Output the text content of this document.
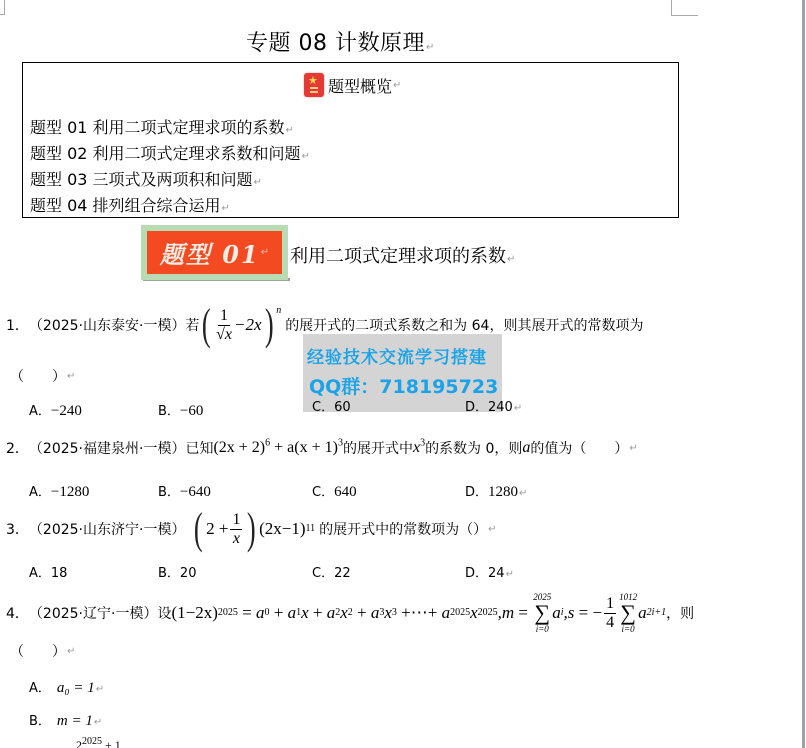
专题 08 计数原理↵
★ 题型概览 ↵
题型 01 利用二项式定理求项的系数↵
题型 02 利用二项式定理求系数和问题↵
题型 03 三项式及两项积和问题↵
题型 04 排列组合综合运用↵
题型 01 ↵ 利用二项式定理求项的系数↵
1． （2025·山东泰安·一模） 若 ( $\frac{1}{√x} -2x$ ) n
的展开式的二项式系数之和为 64，则其展开式的常数项为
（　　） ↵
A．−240	B．−60
经验技术交流学习搭建
QQ群：718195723
C．60	D．240↵
2． （2025·福建泉州·一模） 已知 $(2x + 2)^6 + a(x + 1)^3$ 的展开式中 $x^3$ 的系数为 0，则 a 的值为（　　） ↵
A．−1280	B．−640	C．640	D．1280↵
3． （2025·山东济宁·一模） ( $2 + \frac{1}{x}$ ) (2x−1) 11 的展开式中的常数项为（） ↵
A．18	B．20	C．22	D．24↵
4． （2025·辽宁·一模） 设 (1−2x) 2025 = a 0 + a 1 x + a 2 x 2 + a 3 x 3 +⋯+ a 2025 x 2025 ,m =
2025
∑
i=0
a i ,s = − $\frac{1}{4} 1012$
∑
i=0
a 2i+1 ，则
（　　） ↵
A． a₀ = 1↵
B． m = 1↵
$2^{2025} + 1$
